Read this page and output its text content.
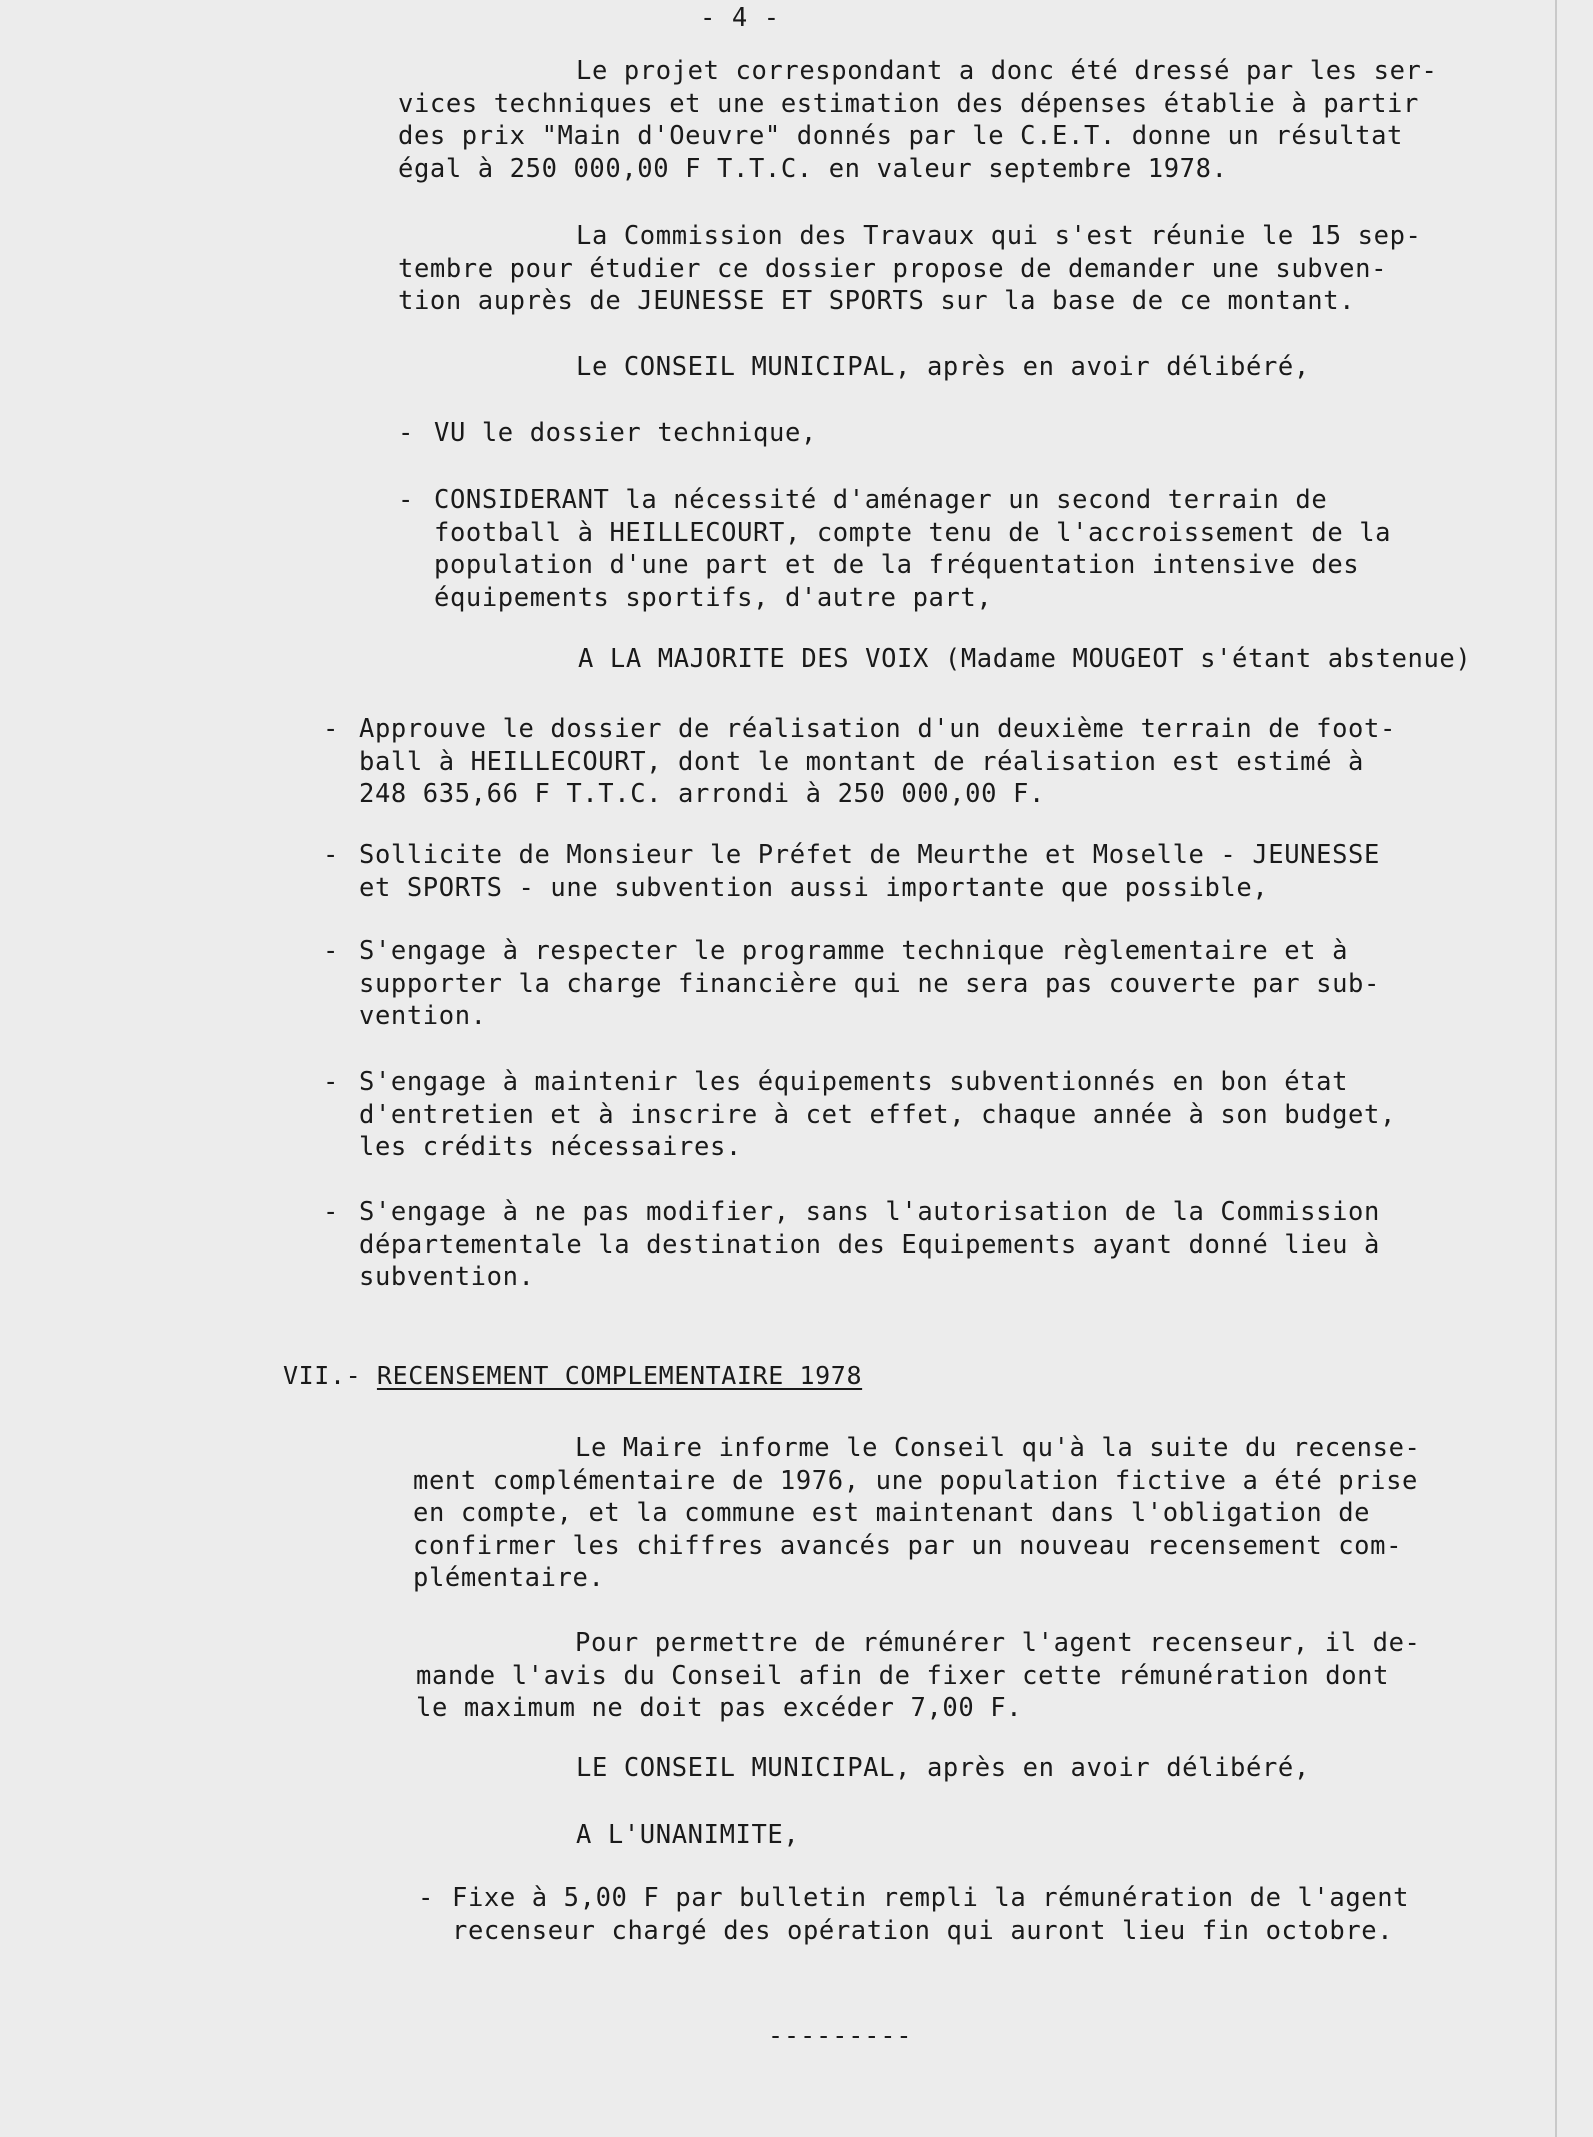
- 4 -

Le projet correspondant a donc été dressé par les ser-
vices techniques et une estimation des dépenses établie à partir
des prix "Main d'Oeuvre" donnés par le C.E.T. donne un résultat
égal à 250 000,00 F T.T.C. en valeur septembre 1978.

La Commission des Travaux qui s'est réunie le 15 sep-
tembre pour étudier ce dossier propose de demander une subven-
tion auprès de JEUNESSE ET SPORTS sur la base de ce montant.

Le CONSEIL MUNICIPAL, après en avoir délibéré,

- VU le dossier technique,

- CONSIDERANT la nécessité d'aménager un second terrain de
football à HEILLECOURT, compte tenu de l'accroissement de la
population d'une part et de la fréquentation intensive des
équipements sportifs, d'autre part,

A LA MAJORITE DES VOIX (Madame MOUGEOT s'étant abstenue)

- Approuve le dossier de réalisation d'un deuxième terrain de foot-
ball à HEILLECOURT, dont le montant de réalisation est estimé à
248 635,66 F T.T.C. arrondi à 250 000,00 F.

- Sollicite de Monsieur le Préfet de Meurthe et Moselle - JEUNESSE
et SPORTS - une subvention aussi importante que possible,

- S'engage à respecter le programme technique règlementaire et à
supporter la charge financière qui ne sera pas couverte par sub-
vention.

- S'engage à maintenir les équipements subventionnés en bon état
d'entretien et à inscrire à cet effet, chaque année à son budget,
les crédits nécessaires.

- S'engage à ne pas modifier, sans l'autorisation de la Commission
départementale la destination des Equipements ayant donné lieu à
subvention.

VII.- RECENSEMENT COMPLEMENTAIRE 1978

Le Maire informe le Conseil qu'à la suite du recense-
ment complémentaire de 1976, une population fictive a été prise
en compte, et la commune est maintenant dans l'obligation de
confirmer les chiffres avancés par un nouveau recensement com-
plémentaire.

Pour permettre de rémunérer l'agent recenseur, il de-
mande l'avis du Conseil afin de fixer cette rémunération dont
le maximum ne doit pas excéder 7,00 F.

LE CONSEIL MUNICIPAL, après en avoir délibéré,

A L'UNANIMITE,

- Fixe à 5,00 F par bulletin rempli la rémunération de l'agent
recenseur chargé des opération qui auront lieu fin octobre.

---------
